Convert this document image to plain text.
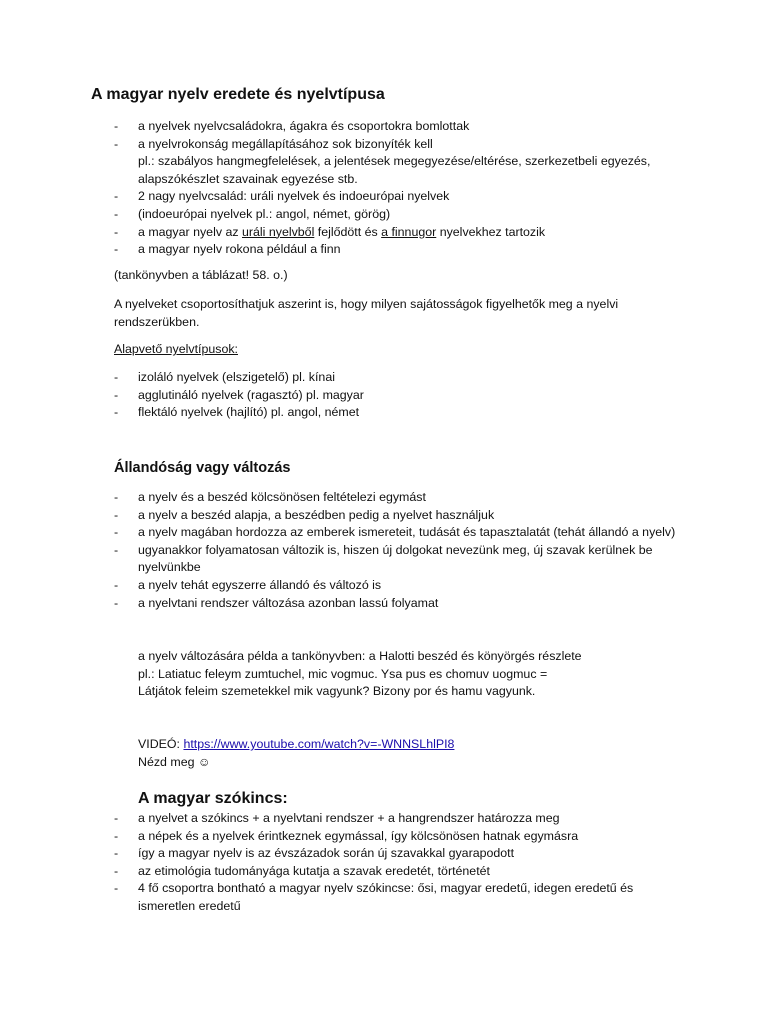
A magyar nyelv eredete és nyelvtípusa
- a nyelvek nyelvcsaládokra, ágakra és csoportokra bomlottak
- a nyelvrokonság megállapításához sok bizonyíték kell
pl.: szabályos hangmegfelelések, a jelentések megegyezése/eltérése, szerkezetbeli egyezés, alapszókészlet szavainak egyezése stb.
- 2 nagy nyelvcsalád: uráli nyelvek és indoeurópai nyelvek
- (indoeurópai nyelvek pl.: angol, német, görög)
- a magyar nyelv az uráli nyelvből fejlődött és a finnugor nyelvekhez tartozik
- a magyar nyelv rokona például a finn

(tankönyvben a táblázat! 58. o.)

A nyelveket csoportosíthatjuk aszerint is, hogy milyen sajátosságok figyelhetők meg a nyelvi rendszerükben.

Alapvető nyelvtípusok:

- izoláló nyelvek (elszigetelő) pl. kínai
- agglutináló nyelvek (ragasztó) pl. magyar
- flektáló nyelvek (hajlító) pl. angol, német
Állandóság vagy változás
- a nyelv és a beszéd kölcsönösen feltételezi egymást
- a nyelv a beszéd alapja, a beszédben pedig a nyelvet használjuk
- a nyelv magában hordozza az emberek ismereteit, tudását és tapasztalatát (tehát állandó a nyelv)
- ugyanakkor folyamatosan változik is, hiszen új dolgokat nevezünk meg, új szavak kerülnek be nyelvünkbe
- a nyelv tehát egyszerre állandó és változó is
- a nyelvtani rendszer változása azonban lassú folyamat
a nyelv változására példa a tankönyvben: a Halotti beszéd és könyörgés részlete
pl.: Latiatuc feleym zumtuchel, mic vogmuc. Ysa pus es chomuv uogmuc =
Látjátok feleim szemetekkel mik vagyunk? Bizony por és hamu vagyunk.
VIDEÓ: https://www.youtube.com/watch?v=-WNNSLhlPI8
Nézd meg ☺
A magyar szókincs:
- a nyelvet a szókincs + a nyelvtani rendszer + a hangrendszer határozza meg
- a népek és a nyelvek érintkeznek egymással, így kölcsönösen hatnak egymásra
- így a magyar nyelv is az évszázadok során új szavakkal gyarapodott
- az etimológia tudományága kutatja a szavak eredetét, történetét
- 4 fő csoportra bontható a magyar nyelv szókincse: ősi, magyar eredetű, idegen eredetű és ismeretlen eredetű
